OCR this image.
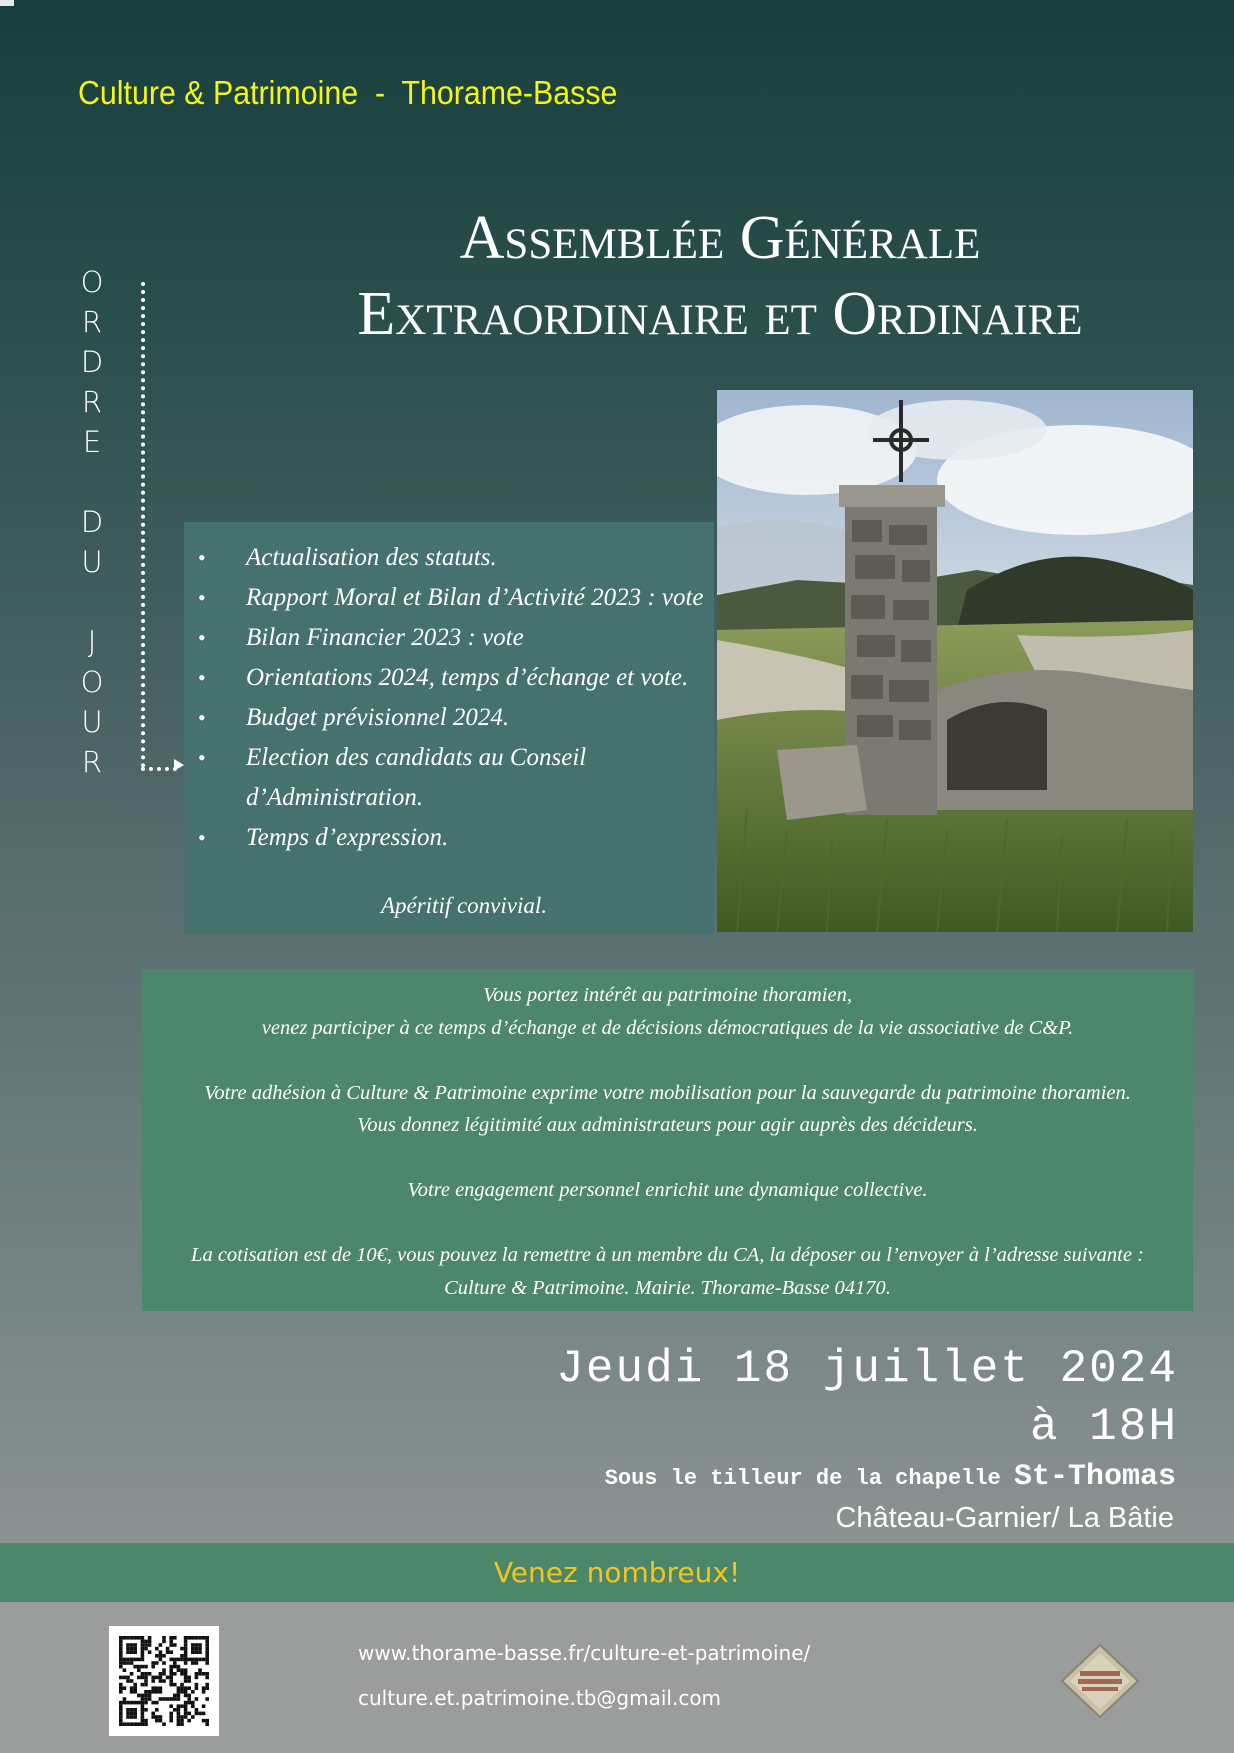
Culture & Patrimoine  -  Thorame-Basse
Assemblée Générale
Extraordinaire et Ordinaire
O
R
D
R
E
D
U
J
O
U
R
• Actualisation des statuts.
• Rapport Moral et Bilan d’Activité 2023 : vote
• Bilan Financier 2023 : vote
• Orientations 2024, temps d’échange et vote.
• Budget prévisionnel 2024.
• Election des candidats au Conseil
d’Administration.
• Temps d’expression.
Apéritif convivial.
Vous portez intérêt au patrimoine thoramien,
venez participer à ce temps d’échange et de décisions démocratiques de la vie associative de C&P.
Votre adhésion à Culture & Patrimoine exprime votre mobilisation pour la sauvegarde du patrimoine thoramien.
Vous donnez légitimité aux administrateurs pour agir auprès des décideurs.
Votre engagement personnel enrichit une dynamique collective.
La cotisation est de 10€, vous pouvez la remettre à un membre du CA, la déposer ou l’envoyer à l’adresse suivante :
Culture & Patrimoine. Mairie. Thorame-Basse 04170.
Jeudi 18 juillet 2024
à 18H
Sous le tilleur de la chapelle St-Thomas
Château-Garnier/ La Bâtie
Venez nombreux!
www.thorame-basse.fr/culture-et-patrimoine/
culture.et.patrimoine.tb@gmail.com
